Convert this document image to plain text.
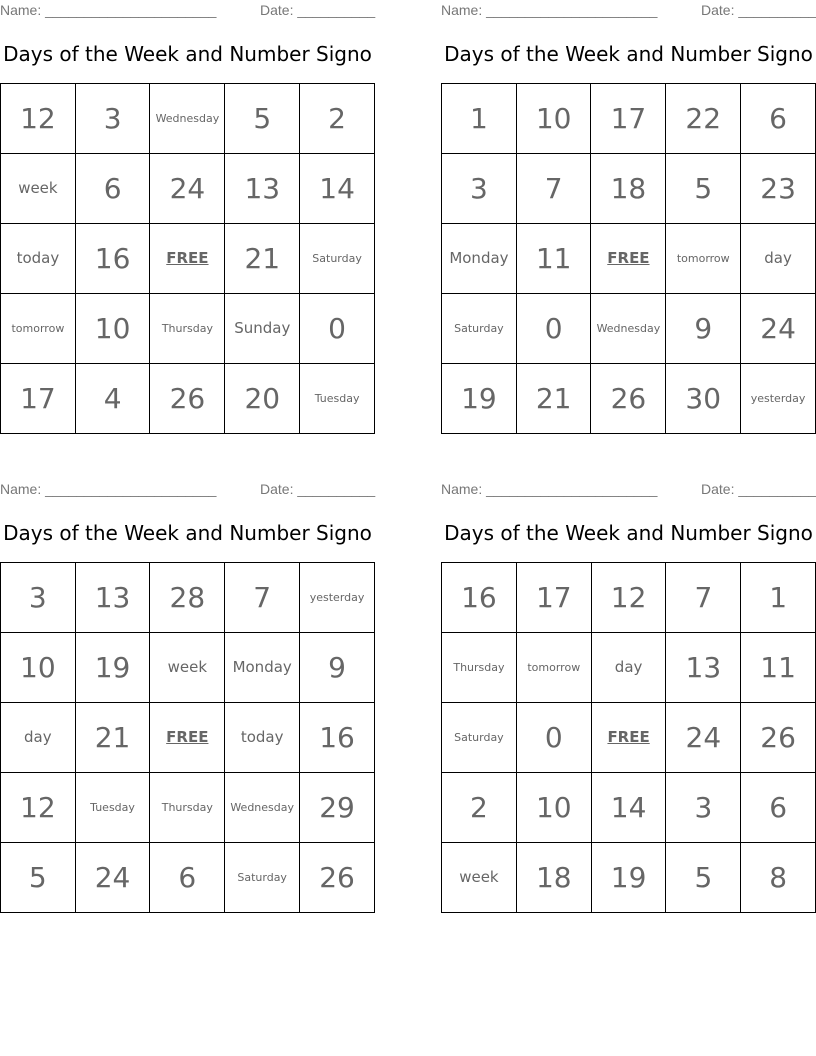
Name: ______________________	Date: __________
Days of the Week and Number Signo
12	3	Wednesday	5	2
week	6	24	13	14
today	16	FREE	21	Saturday
tomorrow	10	Thursday	Sunday	0
17	4	26	20	Tuesday
Name: ______________________	Date: __________
Days of the Week and Number Signo
1	10	17	22	6
3	7	18	5	23
Monday	11	FREE	tomorrow	day
Saturday	0	Wednesday	9	24
19	21	26	30	yesterday
Name: ______________________	Date: __________
Days of the Week and Number Signo
3	13	28	7	yesterday
10	19	week	Monday	9
day	21	FREE	today	16
12	Tuesday	Thursday	Wednesday	29
5	24	6	Saturday	26
Name: ______________________	Date: __________
Days of the Week and Number Signo
16	17	12	7	1
Thursday	tomorrow	day	13	11
Saturday	0	FREE	24	26
2	10	14	3	6
week	18	19	5	8
